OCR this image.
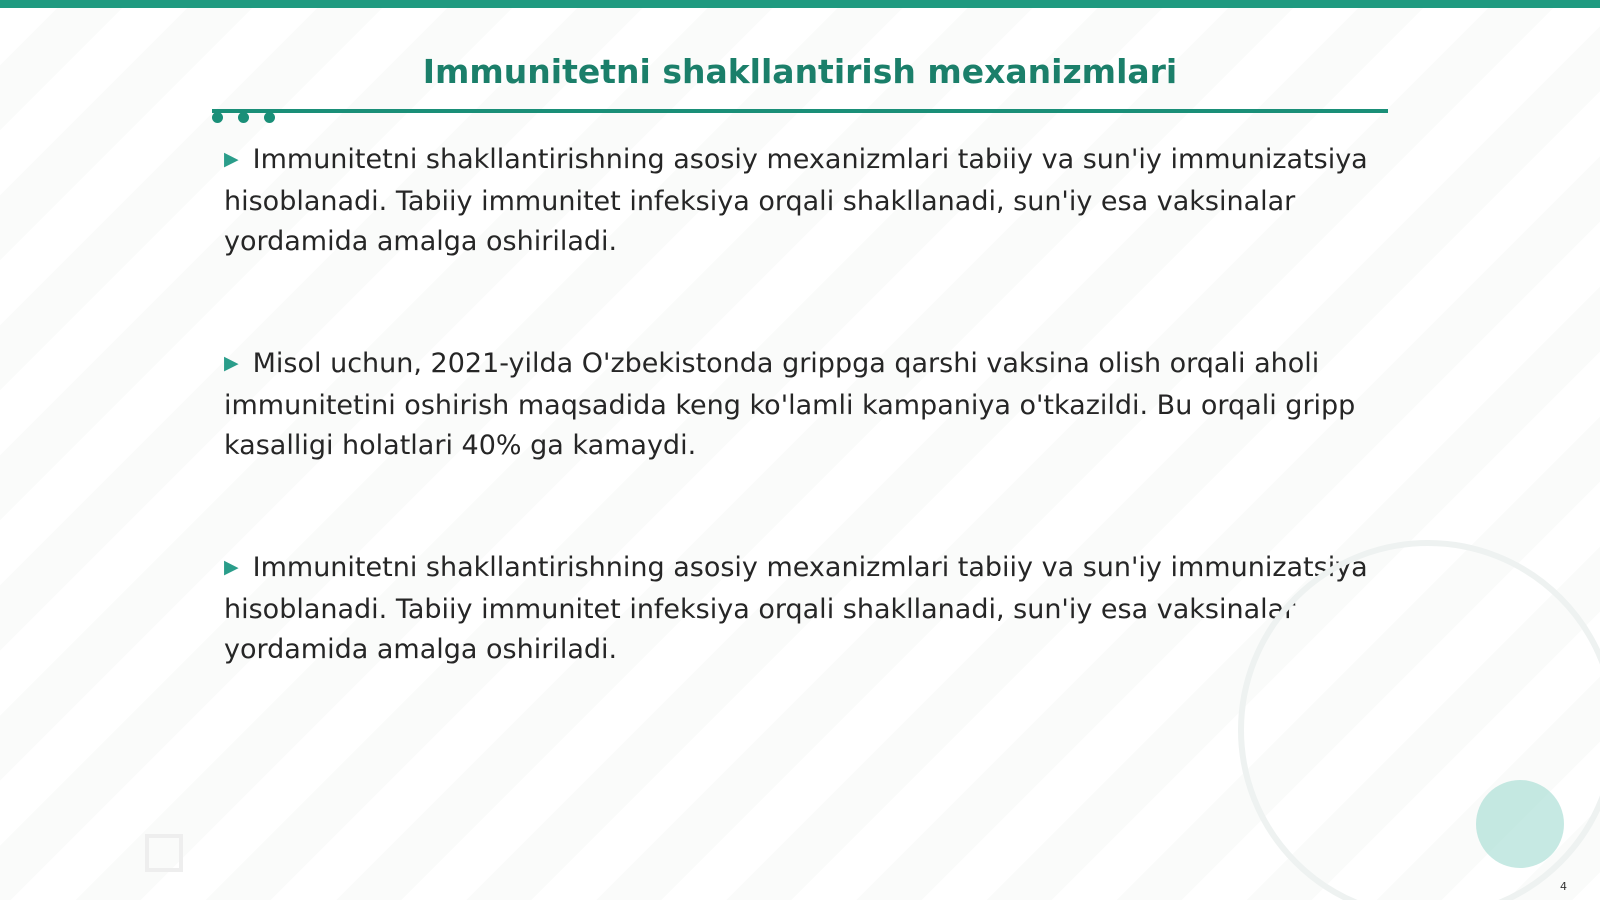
Immunitetni shakllantirish mexanizmlari

▶ Immunitetni shakllantirishning asosiy mexanizmlari tabiiy va sun'iy immunizatsiya hisoblanadi. Tabiiy immunitet infeksiya orqali shakllanadi, sun'iy esa vaksinalar yordamida amalga oshiriladi.

▶ Misol uchun, 2021-yilda O'zbekistonda grippga qarshi vaksina olish orqali aholi immunitetini oshirish maqsadida keng ko'lamli kampaniya o'tkazildi. Bu orqali gripp kasalligi holatlari 40% ga kamaydi.

▶ Immunitetni shakllantirishning asosiy mexanizmlari tabiiy va sun'iy immunizatsiya hisoblanadi. Tabiiy immunitet infeksiya orqali shakllanadi, sun'iy esa vaksinalar yordamida amalga oshiriladi.

4
